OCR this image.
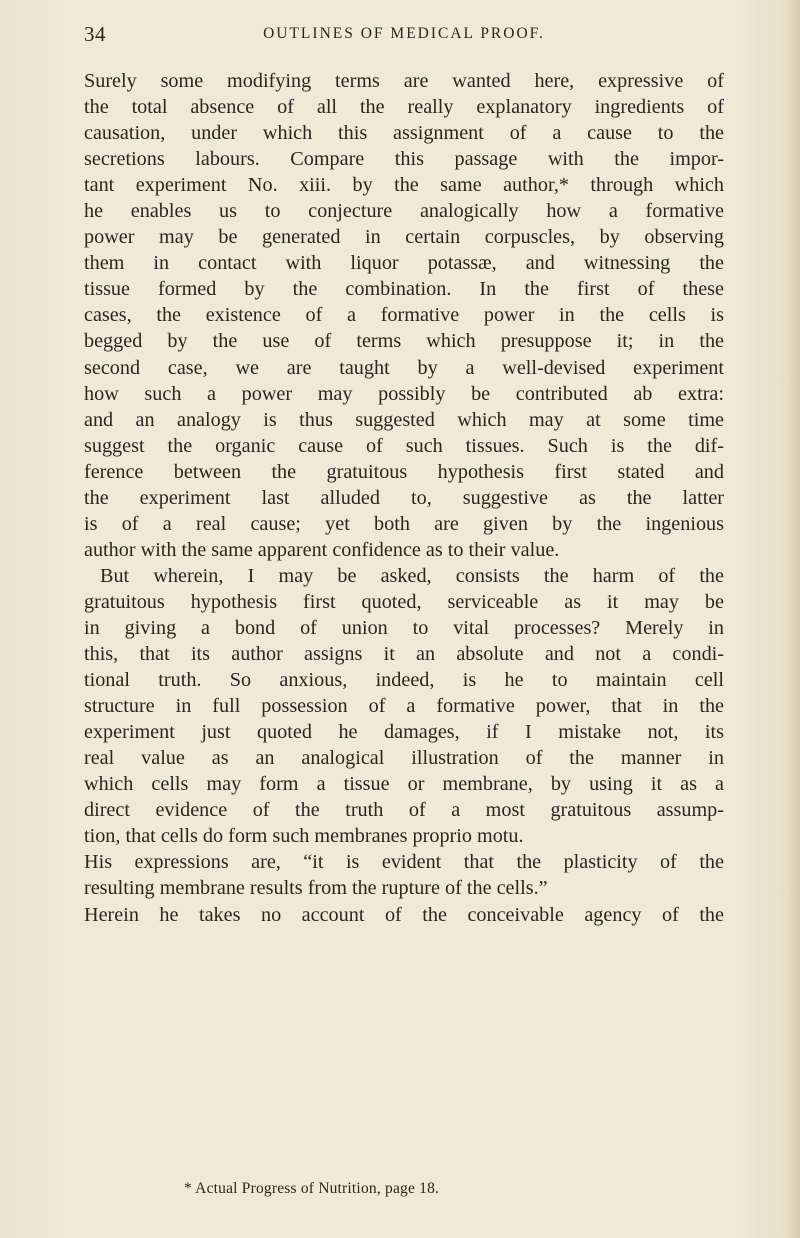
34	OUTLINES OF MEDICAL PROOF.
Surely some modifying terms are wanted here, expressive of
the total absence of all the really explanatory ingredients of
causation, under which this assignment of a cause to the
secretions labours. Compare this passage with the impor-
tant experiment No. xiii. by the same author,* through which
he enables us to conjecture analogically how a formative
power may be generated in certain corpuscles, by observing
them in contact with liquor potassæ, and witnessing the
tissue formed by the combination. In the first of these
cases, the existence of a formative power in the cells is
begged by the use of terms which presuppose it; in the
second case, we are taught by a well-devised experiment
how such a power may possibly be contributed ab extra:
and an analogy is thus suggested which may at some time
suggest the organic cause of such tissues. Such is the dif-
ference between the gratuitous hypothesis first stated and
the experiment last alluded to, suggestive as the latter
is of a real cause; yet both are given by the ingenious
author with the same apparent confidence as to their value.
But wherein, I may be asked, consists the harm of the
gratuitous hypothesis first quoted, serviceable as it may be
in giving a bond of union to vital processes? Merely in
this, that its author assigns it an absolute and not a condi-
tional truth. So anxious, indeed, is he to maintain cell
structure in full possession of a formative power, that in the
experiment just quoted he damages, if I mistake not, its
real value as an analogical illustration of the manner in
which cells may form a tissue or membrane, by using it as a
direct evidence of the truth of a most gratuitous assump-
tion, that cells do form such membranes proprio motu.
His expressions are, “it is evident that the plasticity of the
resulting membrane results from the rupture of the cells.”
Herein he takes no account of the conceivable agency of the
* Actual Progress of Nutrition, page 18.
